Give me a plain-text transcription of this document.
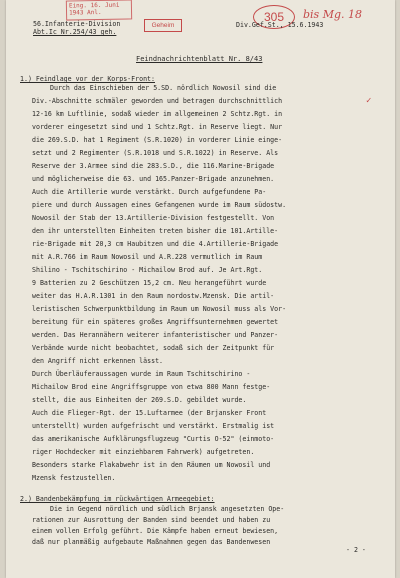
Eing. 16. Juni 1943 Anl.
Geheim
305	bis Mg. 18
56.Infanterie-Division
Abt.Ic Nr.254/43 geh.
Div.Gef.St., 15.6.1943
Feindnachrichtenblatt Nr. 8/43
✓
1.) Feindlage vor der Korps-Front:
Durch das Einschieben der 5.SD. nördlich Nowosil sind die
Div.-Abschnitte schmäler geworden und betragen durchschnittlich
12-16 km Luftlinie, sodaß wieder im allgemeinen 2 Schtz.Rgt. in
vorderer eingesetzt sind und 1 Schtz.Rgt. in Reserve liegt. Nur
die 269.S.D. hat 1 Regiment (S.R.1020) in vorderer Linie einge-
setzt und 2 Regimenter (S.R.1018 und S.R.1022) in Reserve. Als
Reserve der 3.Armee sind die 283.S.D., die 116.Marine-Brigade
und möglicherweise die 63. und 165.Panzer-Brigade anzunehmen.
Auch die Artillerie wurde verstärkt. Durch aufgefundene Pa-
piere und durch Aussagen eines Gefangenen wurde im Raum südostw.
Nowosil der Stab der 13.Artillerie-Division festgestellt. Von
den ihr unterstellten Einheiten treten bisher die 101.Artille-
rie-Brigade mit 20,3 cm Haubitzen und die 4.Artillerie-Brigade
mit A.R.766 im Raum Nowosil und A.R.228 vermutlich im Raum
Shilino - Tschitschirino - Michailow Brod auf. Je Art.Rgt.
9 Batterien zu 2 Geschützen 15,2 cm. Neu herangeführt wurde
weiter das H.A.R.1301 in den Raum nordostw.Mzensk. Die artil-
leristischen Schwerpunktbildung im Raum um Nowosil muss als Vor-
bereitung für ein späteres großes Angriffsunternehmen gewertet
werden. Das Herannähern weiterer infanteristischer und Panzer-
Verbände wurde nicht beobachtet, sodaß sich der Zeitpunkt für
den Angriff nicht erkennen lässt.
Durch Überläuferaussagen wurde im Raum Tschitschirino -
Michailow Brod eine Angriffsgruppe von etwa 800 Mann festge-
stellt, die aus Einheiten der 269.S.D. gebildet wurde.
Auch die Flieger-Rgt. der 15.Luftarmee (der Brjansker Front
unterstellt) wurden aufgefrischt und verstärkt. Erstmalig ist
das amerikanische Aufklärungsflugzeug "Curtis O-52" (einmoto-
riger Hochdecker mit einziehbarem Fahrwerk) aufgetreten.
Besonders starke Flakabwehr ist in den Räumen um Nowosil und
Mzensk festzustellen.
2.) Bandenbekämpfung im rückwärtigen Armeegebiet:
Die in Gegend nördlich und südlich Brjansk angesetzten Ope-
rationen zur Ausrottung der Banden sind beendet und haben zu
einem vollen Erfolg geführt. Die Kämpfe haben erneut bewiesen,
daß nur planmäßig aufgebaute Maßnahmen gegen das Bandenwesen
- 2 -
